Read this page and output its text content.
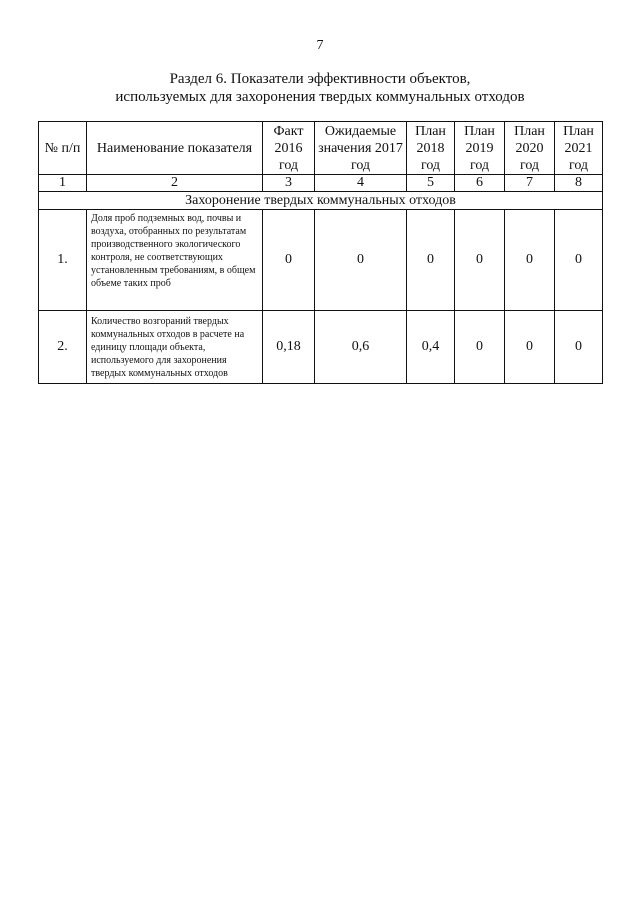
7
Раздел 6. Показатели эффективности объектов,
используемых для захоронения твердых коммунальных отходов
№ п/п	Наименование показателя	Факт 2016 год	Ожидаемые значения 2017 год	План 2018 год	План 2019 год	План 2020 год	План 2021 год
1	2	3	4	5	6	7	8
Захоронение твердых коммунальных отходов							
1.	Доля проб подземных вод, почвы и воздуха, отобранных по результатам производственного экологического контроля, не соответствующих установленным требованиям, в общем объеме таких проб	0	0	0	0	0	0
2.	Количество возгораний твердых коммунальных отходов в расчете на единицу площади объекта, используемого для захоронения твердых коммунальных отходов	0,18	0,6	0,4	0	0	0
